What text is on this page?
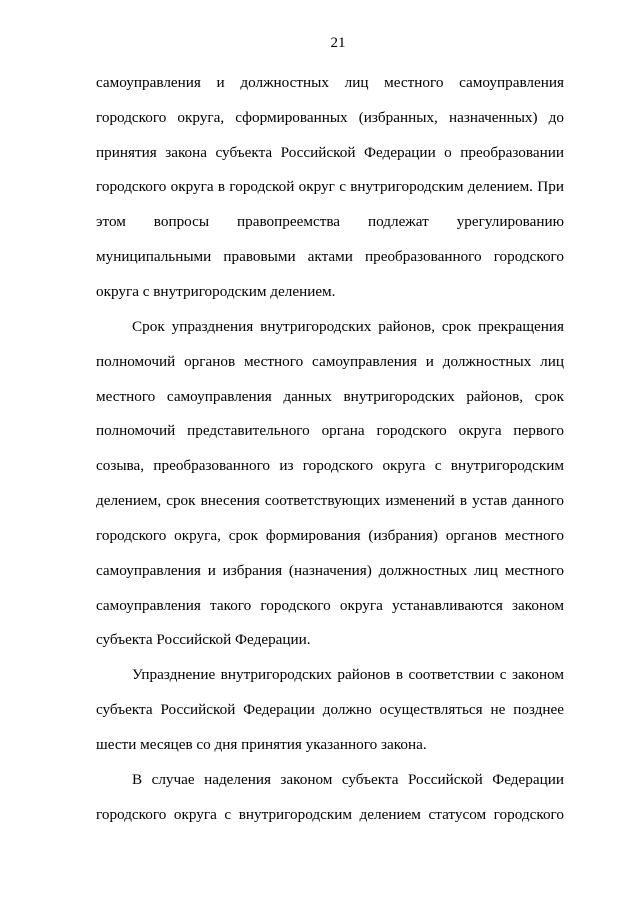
21
самоуправления и должностных лиц местного самоуправления
городского округа, сформированных (избранных, назначенных) до
принятия закона субъекта Российской Федерации о преобразовании
городского округа в городской округ с внутригородским делением. При
этом вопросы правопреемства подлежат урегулированию
муниципальными правовыми актами преобразованного городского
округа с внутригородским делением.
Срок упразднения внутригородских районов, срок прекращения
полномочий органов местного самоуправления и должностных лиц
местного самоуправления данных внутригородских районов, срок
полномочий представительного органа городского округа первого
созыва, преобразованного из городского округа с внутригородским
делением, срок внесения соответствующих изменений в устав данного
городского округа, срок формирования (избрания) органов местного
самоуправления и избрания (назначения) должностных лиц местного
самоуправления такого городского округа устанавливаются законом
субъекта Российской Федерации.
Упразднение внутригородских районов в соответствии с законом
субъекта Российской Федерации должно осуществляться не позднее
шести месяцев со дня принятия указанного закона.
В случае наделения законом субъекта Российской Федерации
городского округа с внутригородским делением статусом городского
